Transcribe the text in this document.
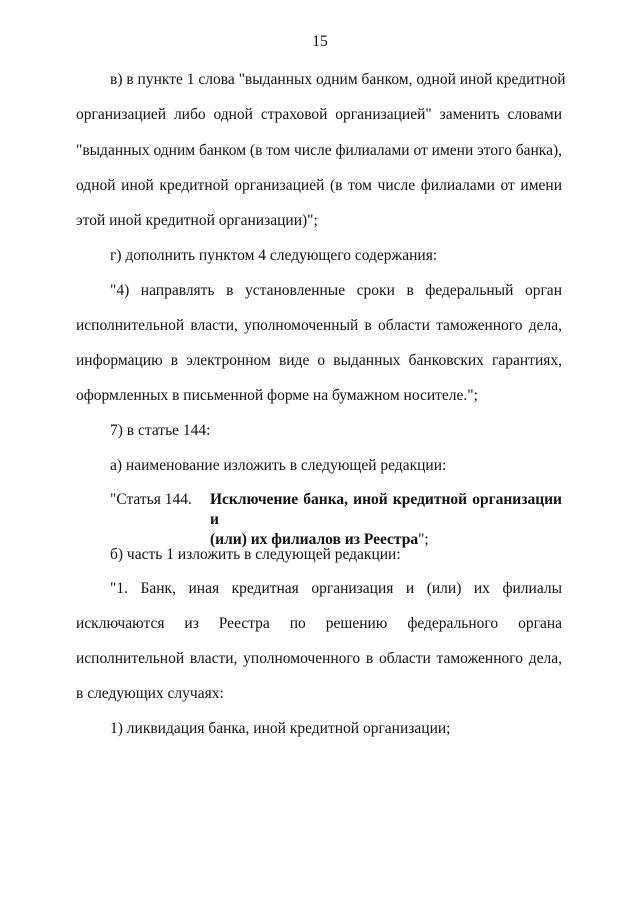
15
в) в пункте 1 слова "выданных одним банком, одной иной кредитной
организацией либо одной страховой организацией" заменить словами
"выданных одним банком (в том числе филиалами от имени этого банка),
одной иной кредитной организацией (в том числе филиалами от имени
этой иной кредитной организации)";
г) дополнить пунктом 4 следующего содержания:
"4) направлять в установленные сроки в федеральный орган
исполнительной власти, уполномоченный в области таможенного дела,
информацию в электронном виде о выданных банковских гарантиях,
оформленных в письменной форме на бумажном носителе.";
7) в статье 144:
а) наименование изложить в следующей редакции:
"Статья 144. Исключение банка, иной кредитной организации и
(или) их филиалов из Реестра";
б) часть 1 изложить в следующей редакции:
"1. Банк, иная кредитная организация и (или) их филиалы
исключаются из Реестра по решению федерального органа
исполнительной власти, уполномоченного в области таможенного дела,
в следующих случаях:
1) ликвидация банка, иной кредитной организации;
